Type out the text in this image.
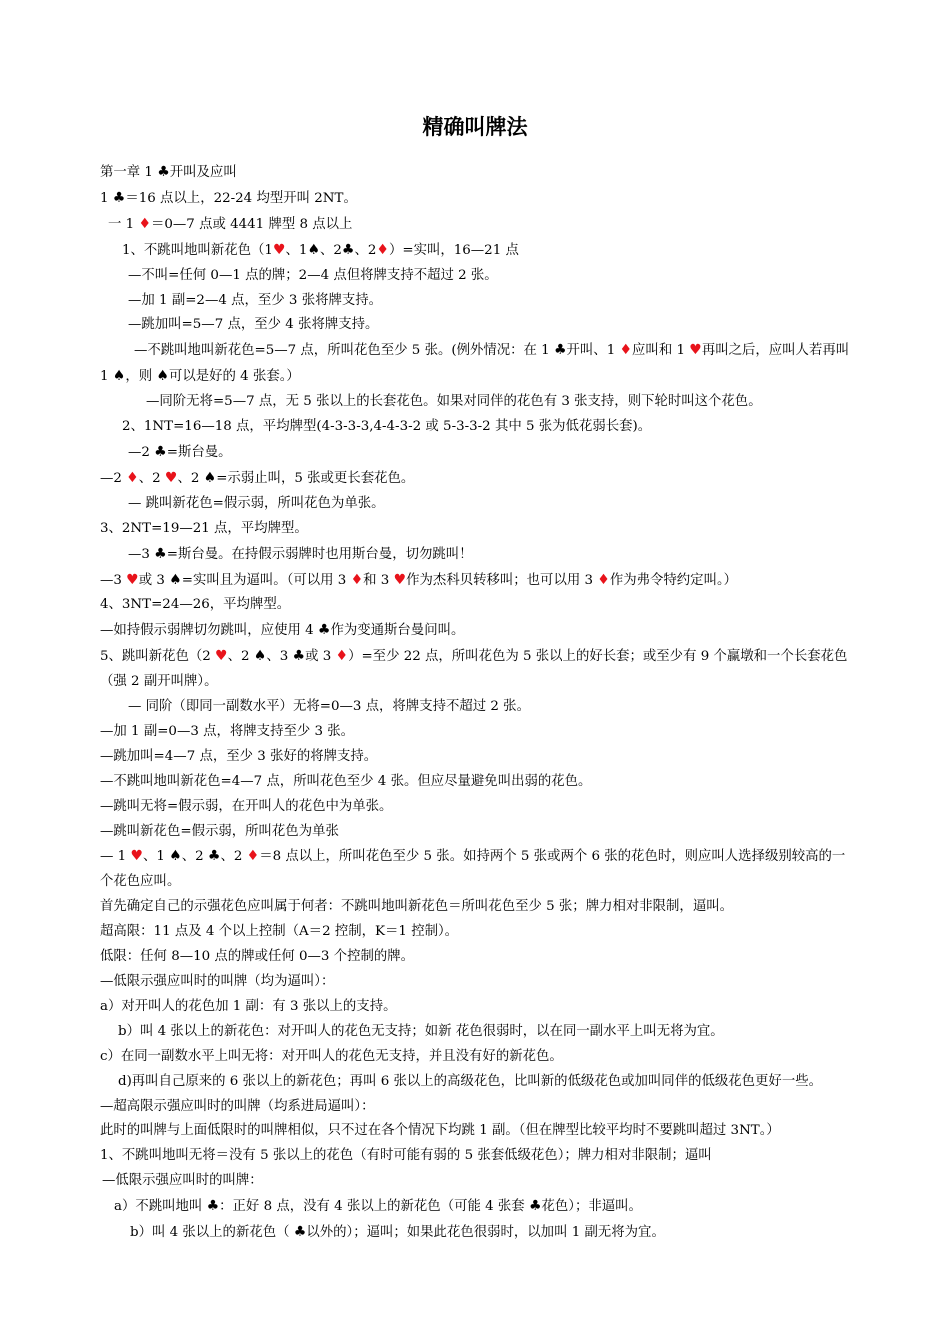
精确叫牌法
第一章 1 ♣开叫及应叫
1 ♣＝16 点以上，22-24 均型开叫 2NT。
一 1 ♦＝0—7 点或 4441 牌型 8 点以上
1、不跳叫地叫新花色（1♥、1♠、2♣、2♦）=实叫，16—21 点
—不叫=任何 0—1 点的牌；2—4 点但将牌支持不超过 2 张。
—加 1 副=2—4 点，至少 3 张将牌支持。
—跳加叫=5—7 点，至少 4 张将牌支持。
—不跳叫地叫新花色=5—7 点，所叫花色至少 5 张。(例外情况：在 1 ♣开叫、1 ♦应叫和 1 ♥再叫之后，应叫人若再叫 1 ♠，则 ♠可以是好的 4 张套。）
—同阶无将=5—7 点，无 5 张以上的长套花色。如果对同伴的花色有 3 张支持，则下轮时叫这个花色。
2、1NT=16—18 点，平均牌型(4-3-3-3,4-4-3-2 或 5-3-3-2 其中 5 张为低花弱长套)。
—2 ♣=斯台曼。
—2 ♦、2 ♥、2 ♠=示弱止叫，5 张或更长套花色。
— 跳叫新花色=假示弱，所叫花色为单张。
3、2NT=19—21 点，平均牌型。
—3 ♣=斯台曼。在持假示弱牌时也用斯台曼，切勿跳叫！
—3 ♥或 3 ♠=实叫且为逼叫。（可以用 3 ♦和 3 ♥作为杰科贝转移叫；也可以用 3 ♦作为弗令特约定叫。）
4、3NT=24—26，平均牌型。
—如持假示弱牌切勿跳叫，应使用 4 ♣作为变通斯台曼问叫。
5、跳叫新花色（2 ♥、2 ♠、3 ♣或 3 ♦）=至少 22 点，所叫花色为 5 张以上的好长套；或至少有 9 个赢墩和一个长套花色（强 2 副开叫牌）。
— 同阶（即同一副数水平）无将=0—3 点，将牌支持不超过 2 张。
—加 1 副=0—3 点，将牌支持至少 3 张。
—跳加叫=4—7 点，至少 3 张好的将牌支持。
—不跳叫地叫新花色=4—7 点，所叫花色至少 4 张。但应尽量避免叫出弱的花色。
—跳叫无将=假示弱，在开叫人的花色中为单张。
—跳叫新花色=假示弱，所叫花色为单张
— 1 ♥、1 ♠、2 ♣、2 ♦＝8 点以上，所叫花色至少 5 张。如持两个 5 张或两个 6 张的花色时，则应叫人选择级别较高的一个花色应叫。
首先确定自己的示强花色应叫属于何者：不跳叫地叫新花色＝所叫花色至少 5 张；牌力相对非限制，逼叫。
超高限：11 点及 4 个以上控制（A＝2 控制，K＝1 控制）。
低限：任何 8—10 点的牌或任何 0—3 个控制的牌。
—低限示强应叫时的叫牌（均为逼叫）：
a）对开叫人的花色加 1 副：有 3 张以上的支持。
b）叫 4 张以上的新花色：对开叫人的花色无支持；如新 花色很弱时，以在同一副水平上叫无将为宜。
c）在同一副数水平上叫无将：对开叫人的花色无支持，并且没有好的新花色。
d)再叫自己原来的 6 张以上的新花色；再叫 6 张以上的高级花色，比叫新的低级花色或加叫同伴的低级花色更好一些。
—超高限示强应叫时的叫牌（均系进局逼叫）：
此时的叫牌与上面低限时的叫牌相似，只不过在各个情况下均跳 1 副。（但在牌型比较平均时不要跳叫超过 3NT。）
1、不跳叫地叫无将＝没有 5 张以上的花色（有时可能有弱的 5 张套低级花色）；牌力相对非限制；逼叫
—低限示强应叫时的叫牌：
a）不跳叫地叫 ♣：正好 8 点，没有 4 张以上的新花色（可能 4 张套 ♣花色）；非逼叫。
b）叫 4 张以上的新花色（ ♣以外的）；逼叫；如果此花色很弱时，以加叫 1 副无将为宜。
